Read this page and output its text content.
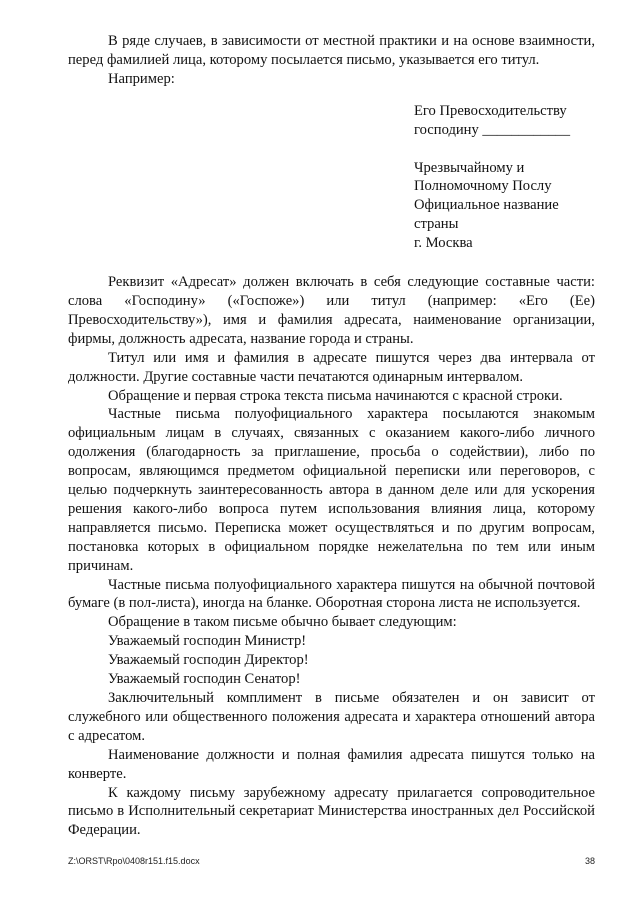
В ряде случаев, в зависимости от местной практики и на основе взаимности, перед фамилией лица, которому посылается письмо, указывается его титул.

Например:

Его Превосходительству
господину ____________
Чрезвычайному и
Полномочному Послу
Официальное название
страны
г. Москва

Реквизит «Адресат» должен включать в себя следующие составные части: слова «Господину» («Госпоже») или титул (например: «Его (Ее) Превосходительству»), имя и фамилия адресата, наименование организации, фирмы, должность адресата, название города и страны.

Титул или имя и фамилия в адресате пишутся через два интервала от должности. Другие составные части печатаются одинарным интервалом.

Обращение и первая строка текста письма начинаются с красной строки.

Частные письма полуофициального характера посылаются знакомым официальным лицам в случаях, связанных с оказанием какого-либо личного одолжения (благодарность за приглашение, просьба о содействии), либо по вопросам, являющимся предметом официальной переписки или переговоров, с целью подчеркнуть заинтересованность автора в данном деле или для ускорения решения какого-либо вопроса путем использования влияния лица, которому направляется письмо. Переписка может осуществляться и по другим вопросам, постановка которых в официальном порядке нежелательна по тем или иным причинам.

Частные письма полуофициального характера пишутся на обычной почтовой бумаге (в пол-листа), иногда на бланке. Оборотная сторона листа не используется.

Обращение в таком письме обычно бывает следующим:

Уважаемый господин Министр!

Уважаемый господин Директор!

Уважаемый господин Сенатор!

Заключительный комплимент в письме обязателен и он зависит от служебного или общественного положения адресата и характера отношений автора с адресатом.

Наименование должности и полная фамилия адресата пишутся только на конверте.

К каждому письму зарубежному адресату прилагается сопроводительное письмо в Исполнительный секретариат Министерства иностранных дел Российской Федерации.

Z:\ORST\Rpo\0408r151.f15.docx	38
